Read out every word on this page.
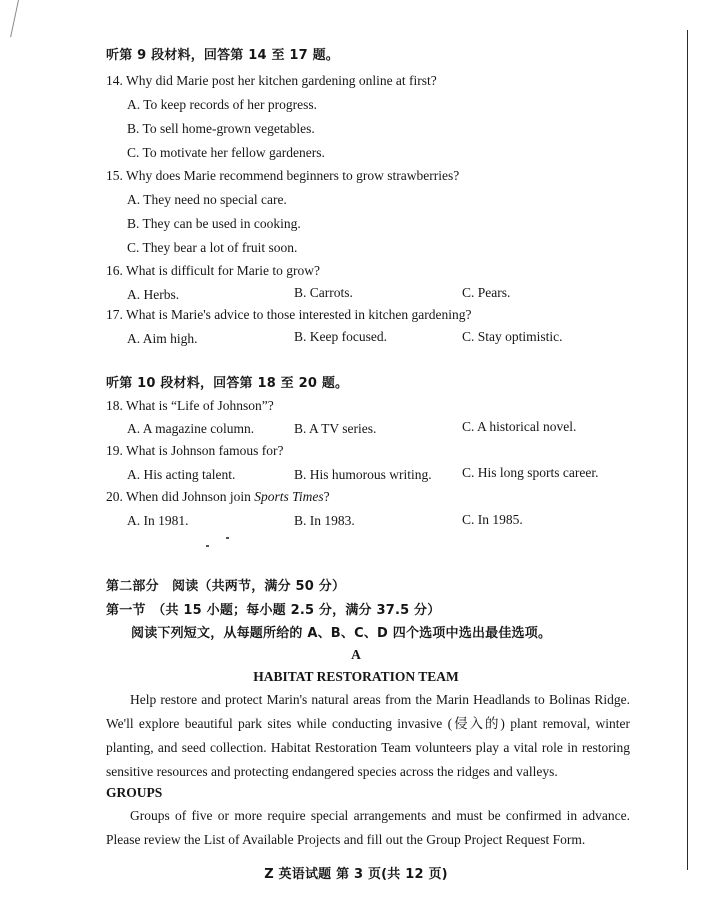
听第 9 段材料，回答第 14 至 17 题。
14. Why did Marie post her kitchen gardening online at first?
A. To keep records of her progress.
B. To sell home-grown vegetables.
C. To motivate her fellow gardeners.
15. Why does Marie recommend beginners to grow strawberries?
A. They need no special care.
B. They can be used in cooking.
C. They bear a lot of fruit soon.
16. What is difficult for Marie to grow?
A. Herbs.	B. Carrots.	C. Pears.
17. What is Marie's advice to those interested in kitchen gardening?
A. Aim high.	B. Keep focused.	C. Stay optimistic.
听第 10 段材料，回答第 18 至 20 题。
18. What is “Life of Johnson”?
A. A magazine column.	B. A TV series.	C. A historical novel.
19. What is Johnson famous for?
A. His acting talent.	B. His humorous writing. C. His long sports career.
20. When did Johnson join Sports Times?
A. In 1981.	B. In 1983.	C. In 1985.
第二部分　阅读（共两节，满分 50 分）
第一节　（共 15 小题；每小题 2.5 分，满分 37.5 分）
阅读下列短文，从每题所给的 A、B、C、D 四个选项中选出最佳选项。
A
HABITAT RESTORATION TEAM
Help restore and protect Marin's natural areas from the Marin Headlands to Bolinas Ridge. We'll explore beautiful park sites while conducting invasive (侵入的) plant removal, winter planting, and seed collection. Habitat Restoration Team volunteers play a vital role in restoring sensitive resources and protecting endangered species across the ridges and valleys.
GROUPS
Groups of five or more require special arrangements and must be confirmed in advance. Please review the List of Available Projects and fill out the Group Project Request Form.
Z 英语试题 第 3 页(共 12 页)
